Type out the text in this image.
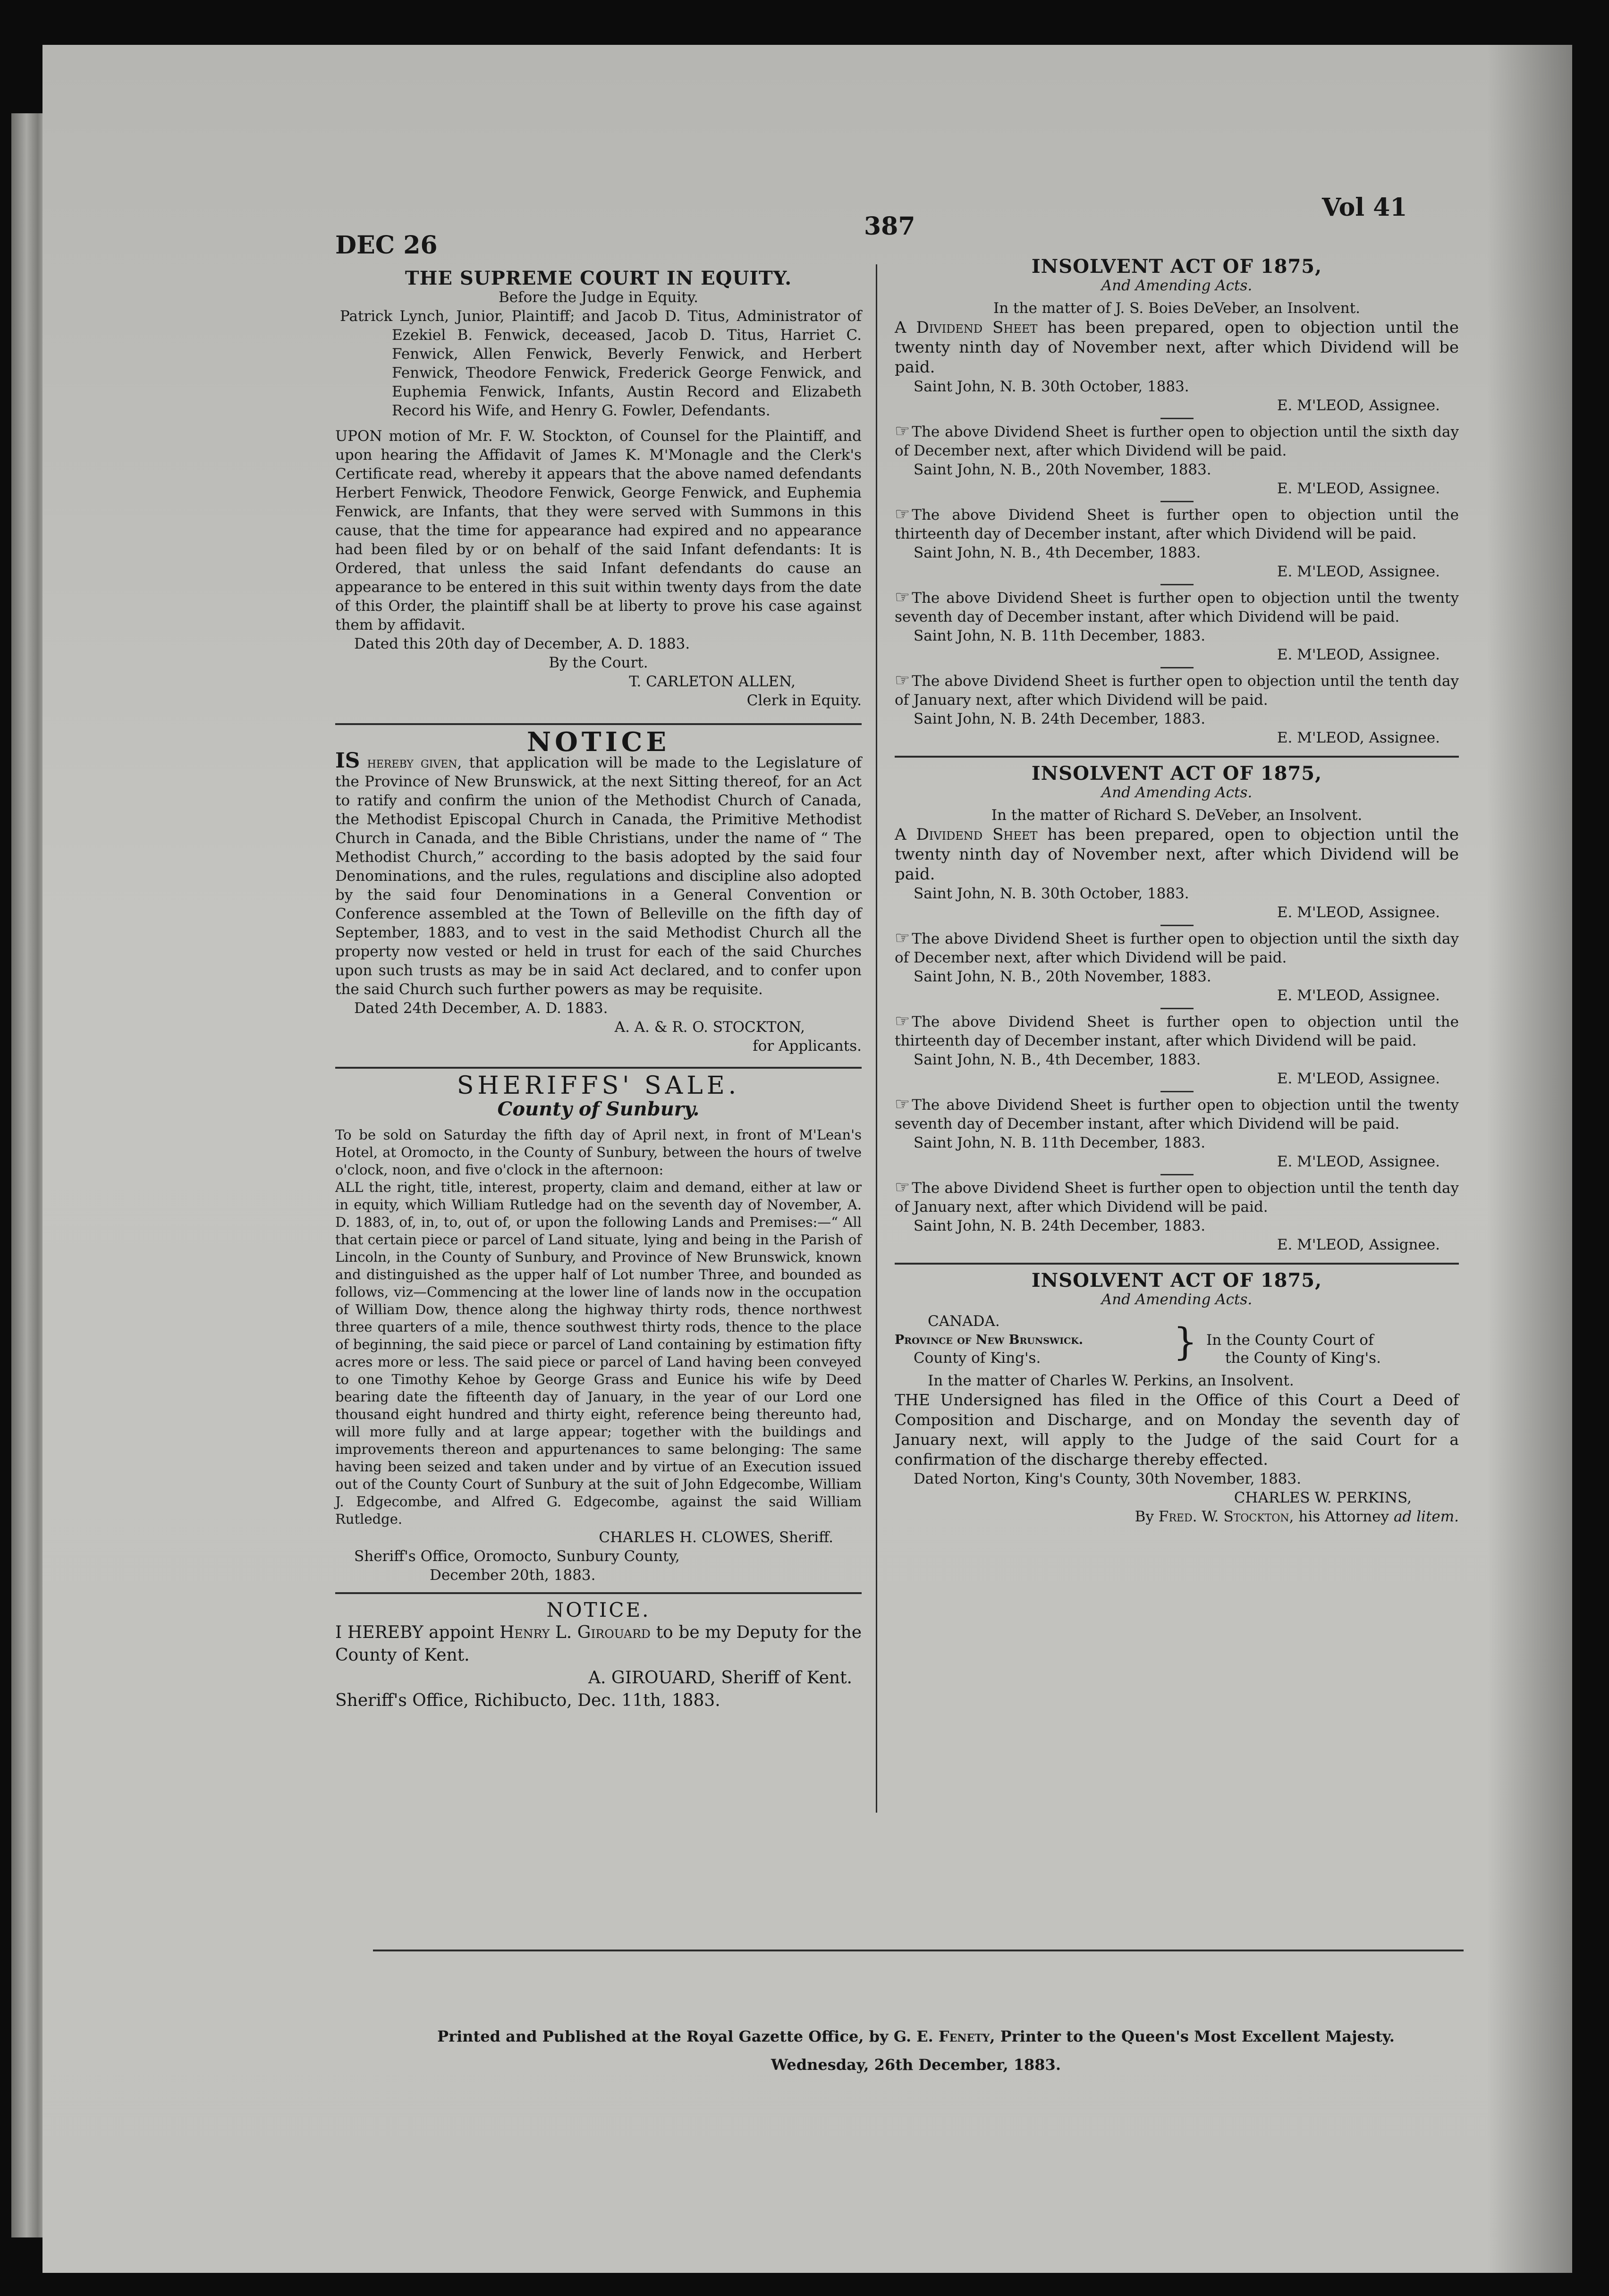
DEC 26
387
Vol 41
THE SUPREME COURT IN EQUITY.
Before the Judge in Equity.

Patrick Lynch, Junior, Plaintiff; and Jacob D. Titus, Administrator of Ezekiel B. Fenwick, deceased, Jacob D. Titus, Harriet C. Fenwick, Allen Fenwick, Beverly Fenwick, and Herbert Fenwick, Theodore Fenwick, Frederick George Fenwick, and Euphemia Fenwick, Infants, Austin Record and Elizabeth Record his Wife, and Henry G. Fowler, Defendants.

UPON motion of Mr. F. W. Stockton, of Counsel for the Plaintiff, and upon hearing the Affidavit of James K. M'Monagle and the Clerk's Certificate read, whereby it appears that the above named defendants Herbert Fenwick, Theodore Fenwick, George Fenwick, and Euphemia Fenwick, are Infants, that they were served with Summons in this cause, that the time for appearance had expired and no appearance had been filed by or on behalf of the said Infant defendants: It is Ordered, that unless the said Infant defendants do cause an appearance to be entered in this suit within twenty days from the date of this Order, the plaintiff shall be at liberty to prove his case against them by affidavit.

Dated this 20th day of December, A. D. 1883.
By the Court.
T. CARLETON ALLEN,
Clerk in Equity.
NOTICE

IS hereby given, that application will be made to the Legislature of the Province of New Brunswick, at the next Sitting thereof, for an Act to ratify and confirm the union of the Methodist Church of Canada, the Methodist Episcopal Church in Canada, the Primitive Methodist Church in Canada, and the Bible Christians, under the name of “ The Methodist Church,” according to the basis adopted by the said four Denominations, and the rules, regulations and discipline also adopted by the said four Denominations in a General Convention or Conference assembled at the Town of Belleville on the fifth day of September, 1883, and to vest in the said Methodist Church all the property now vested or held in trust for each of the said Churches upon such trusts as may be in said Act declared, and to confer upon the said Church such further powers as may be requisite.

Dated 24th December, A. D. 1883.
A. A. & R. O. STOCKTON,
for Applicants.
SHERIFFS' SALE.
County of Sunbury.

To be sold on Saturday the fifth day of April next, in front of M'Lean's Hotel, at Oromocto, in the County of Sunbury, between the hours of twelve o'clock, noon, and five o'clock in the afternoon:

ALL the right, title, interest, property, claim and demand, either at law or in equity, which William Rutledge had on the seventh day of November, A. D. 1883, of, in, to, out of, or upon the following Lands and Premises:—“ All that certain piece or parcel of Land situate, lying and being in the Parish of Lincoln, in the County of Sunbury, and Province of New Brunswick, known and distinguished as the upper half of Lot number Three, and bounded as follows, viz—Commencing at the lower line of lands now in the occupation of William Dow, thence along the highway thirty rods, thence northwest three quarters of a mile, thence southwest thirty rods, thence to the place of beginning, the said piece or parcel of Land containing by estimation fifty acres more or less. The said piece or parcel of Land having been conveyed to one Timothy Kehoe by George Grass and Eunice his wife by Deed bearing date the fifteenth day of January, in the year of our Lord one thousand eight hundred and thirty eight, reference being thereunto had, will more fully and at large appear; together with the buildings and improvements thereon and appurtenances to same belonging: The same having been seized and taken under and by virtue of an Execution issued out of the County Court of Sunbury at the suit of John Edgecombe, William J. Edgecombe, and Alfred G. Edgecombe, against the said William Rutledge.

CHARLES H. CLOWES, Sheriff.
Sheriff's Office, Oromocto, Sunbury County,
December 20th, 1883.
NOTICE.

I HEREBY appoint Henry L. Girouard to be my Deputy for the County of Kent.

A. GIROUARD, Sheriff of Kent.
Sheriff's Office, Richibucto, Dec. 11th, 1883.
INSOLVENT ACT OF 1875,
And Amending Acts.
In the matter of J. S. Boies DeVeber, an Insolvent.

A Dividend Sheet has been prepared, open to objection until the twenty ninth day of November next, after which Dividend will be paid.

Saint John, N. B. 30th October, 1883.
E. M'LEOD, Assignee.

☞ The above Dividend Sheet is further open to objection until the sixth day of December next, after which Dividend will be paid.

Saint John, N. B., 20th November, 1883.
E. M'LEOD, Assignee.

☞ The above Dividend Sheet is further open to objection until the thirteenth day of December instant, after which Dividend will be paid.

Saint John, N. B., 4th December, 1883.
E. M'LEOD, Assignee.

☞ The above Dividend Sheet is further open to objection until the twenty seventh day of December instant, after which Dividend will be paid.

Saint John, N. B. 11th December, 1883.
E. M'LEOD, Assignee.

☞ The above Dividend Sheet is further open to objection until the tenth day of January next, after which Dividend will be paid.

Saint John, N. B. 24th December, 1883.
E. M'LEOD, Assignee.
INSOLVENT ACT OF 1875,
And Amending Acts.
In the matter of Richard S. DeVeber, an Insolvent.

A Dividend Sheet has been prepared, open to objection until the twenty ninth day of November next, after which Dividend will be paid.

Saint John, N. B. 30th October, 1883.
E. M'LEOD, Assignee.

☞ The above Dividend Sheet is further open to objection until the sixth day of December next, after which Dividend will be paid.

Saint John, N. B., 20th November, 1883.
E. M'LEOD, Assignee.

☞ The above Dividend Sheet is further open to objection until the thirteenth day of December instant, after which Dividend will be paid.

Saint John, N. B., 4th December, 1883.
E. M'LEOD, Assignee.

☞ The above Dividend Sheet is further open to objection until the twenty seventh day of December instant, after which Dividend will be paid.

Saint John, N. B. 11th December, 1883.
E. M'LEOD, Assignee.

☞ The above Dividend Sheet is further open to objection until the tenth day of January next, after which Dividend will be paid.

Saint John, N. B. 24th December, 1883.
E. M'LEOD, Assignee.
INSOLVENT ACT OF 1875,
And Amending Acts.
CANADA.
Province of New Brunswick.
County of King's.	} In the County Court of
the County of King's.
In the matter of Charles W. Perkins, an Insolvent.

THE Undersigned has filed in the Office of this Court a Deed of Composition and Discharge, and on Monday the seventh day of January next, will apply to the Judge of the said Court for a confirmation of the discharge thereby effected.

Dated Norton, King's County, 30th November, 1883.
CHARLES W. PERKINS,
By Fred. W. Stockton, his Attorney ad litem.
Printed and Published at the Royal Gazette Office, by G. E. Fenety, Printer to the Queen's Most Excellent Majesty.
Wednesday, 26th December, 1883.
